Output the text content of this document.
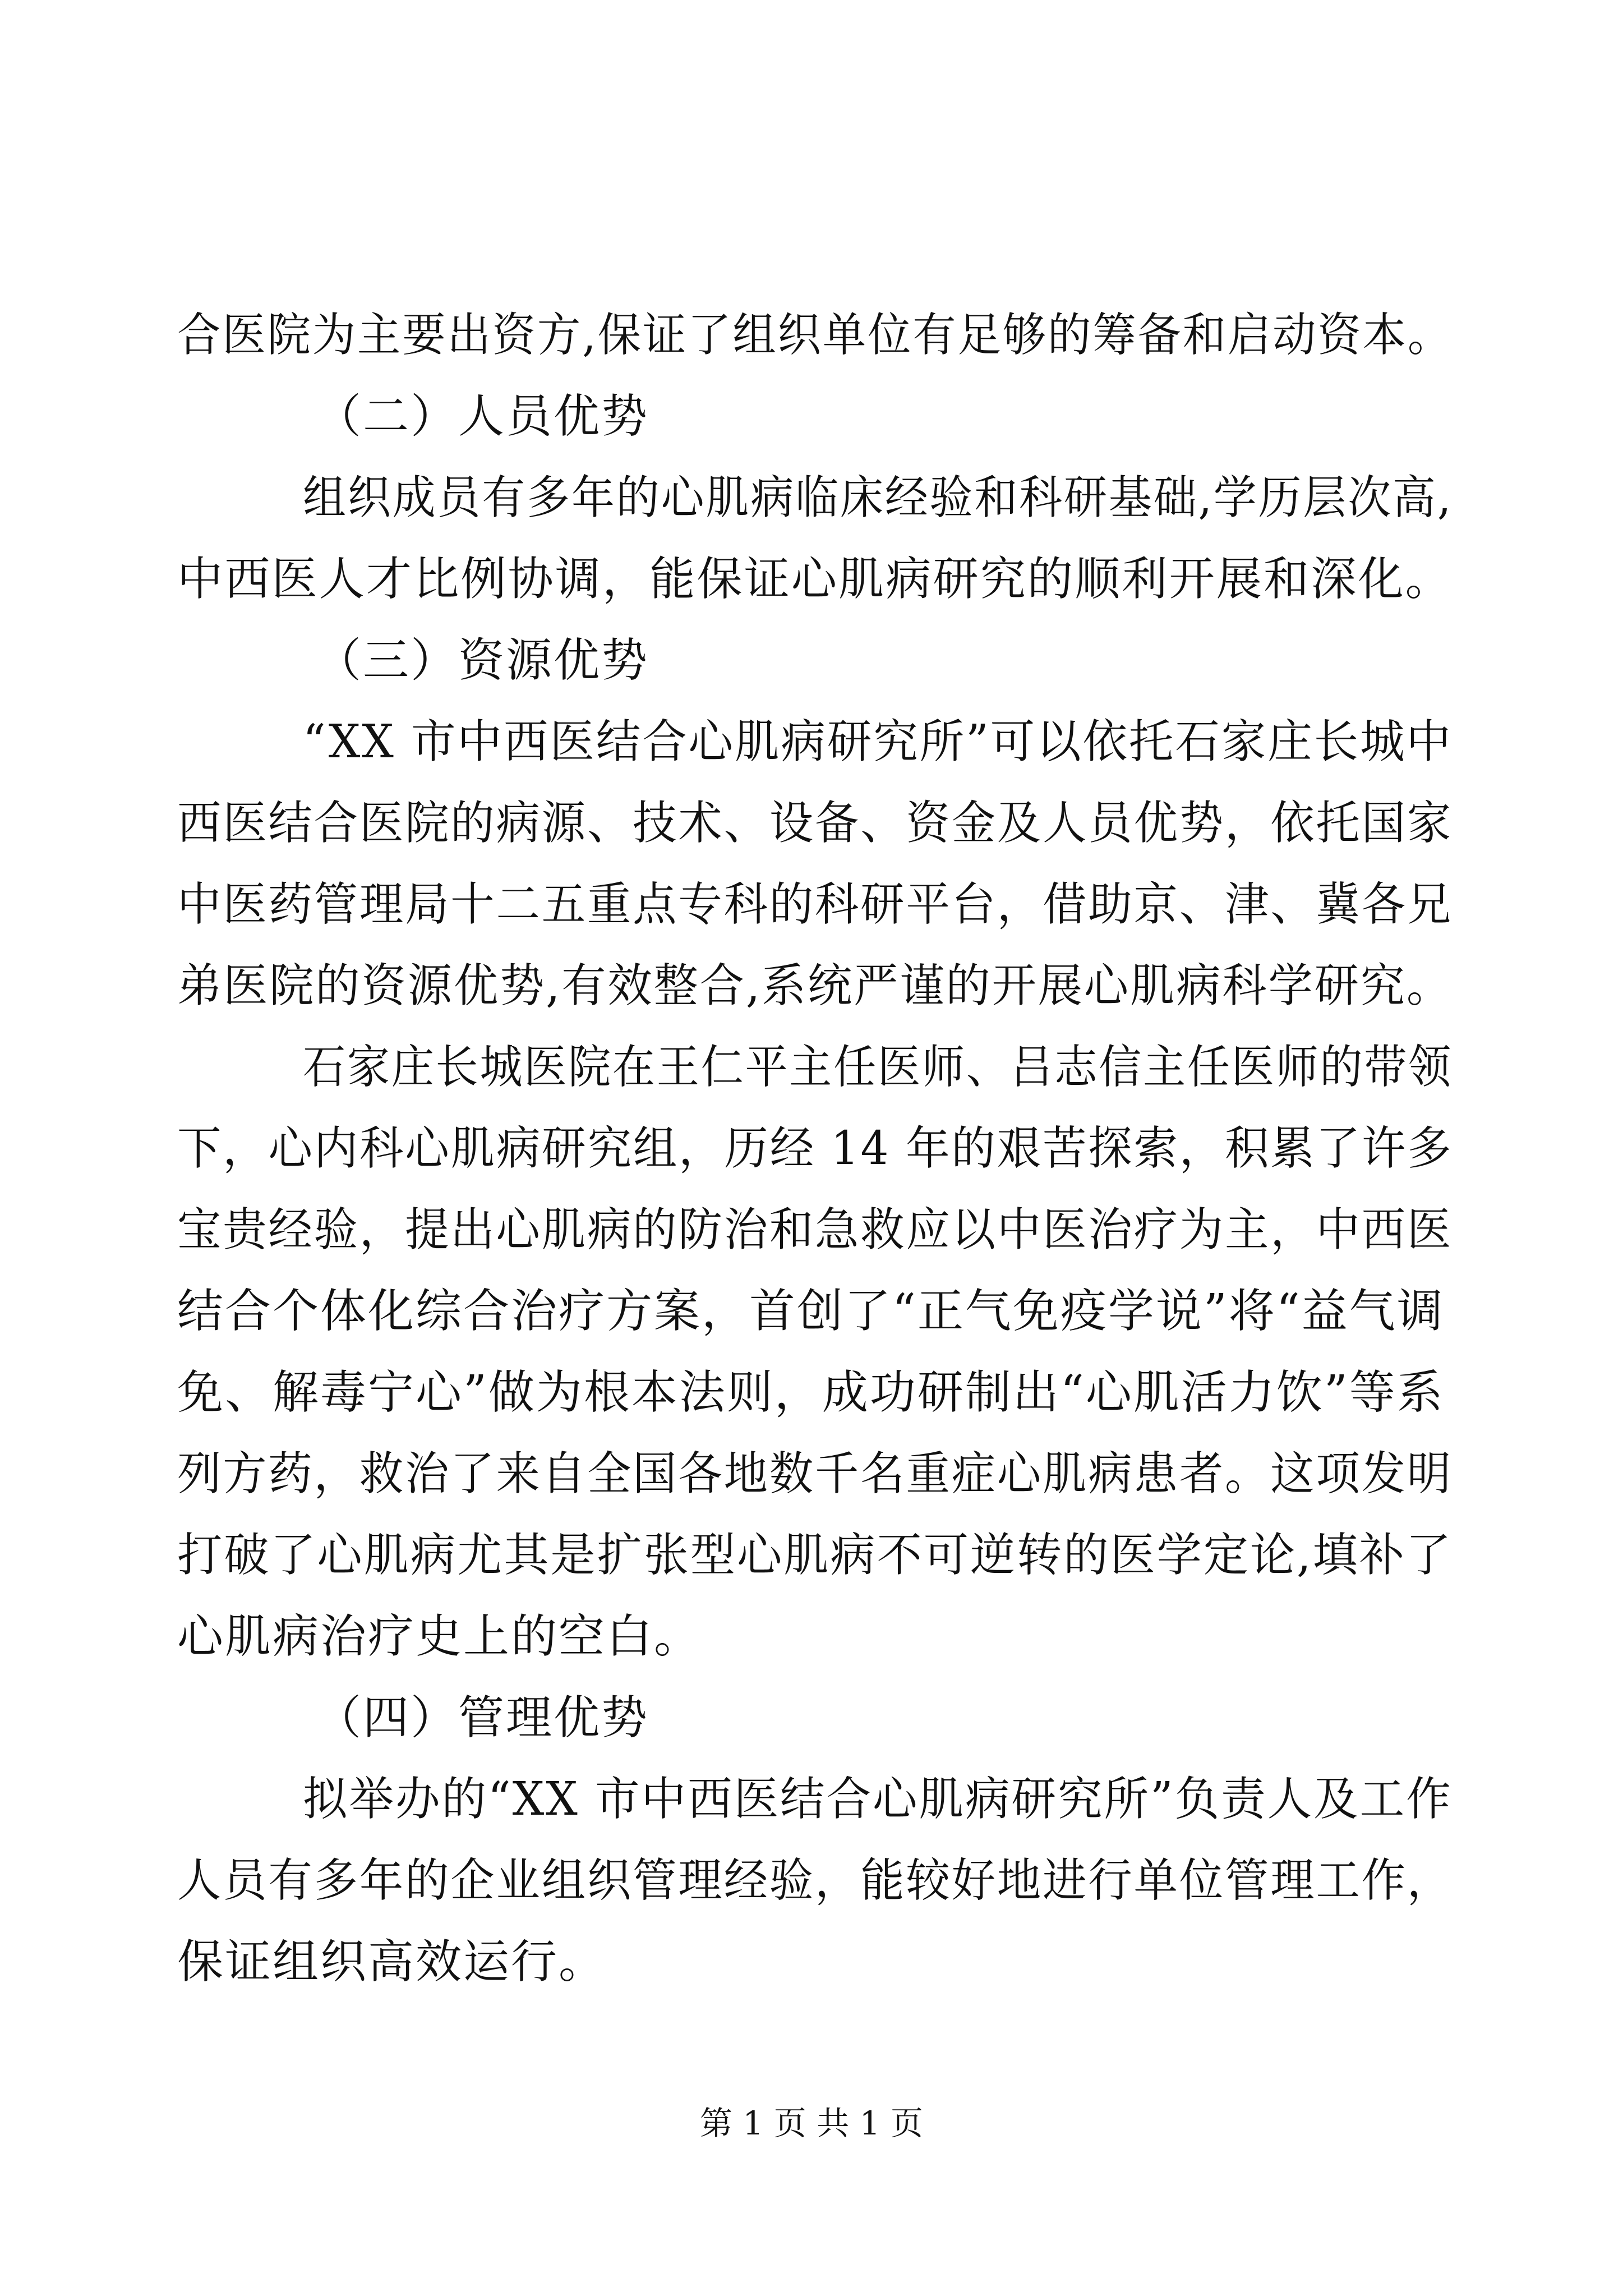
合医院为主要出资方,保证了组织单位有足够的筹备和启动资本。
（二）人员优势
组织成员有多年的心肌病临床经验和科研基础,学历层次高,
中西医人才比例协调，能保证心肌病研究的顺利开展和深化。
（三）资源优势
“XX 市中西医结合心肌病研究所”可以依托石家庄长城中
西医结合医院的病源、技术、设备、资金及人员优势，依托国家
中医药管理局十二五重点专科的科研平台，借助京、津、冀各兄
弟医院的资源优势,有效整合,系统严谨的开展心肌病科学研究。
石家庄长城医院在王仁平主任医师、吕志信主任医师的带领
下，心内科心肌病研究组，历经 14 年的艰苦探索，积累了许多
宝贵经验，提出心肌病的防治和急救应以中医治疗为主，中西医
结合个体化综合治疗方案，首创了“正气免疫学说”将“益气调
免、解毒宁心”做为根本法则，成功研制出“心肌活力饮”等系
列方药，救治了来自全国各地数千名重症心肌病患者。这项发明
打破了心肌病尤其是扩张型心肌病不可逆转的医学定论,填补了
心肌病治疗史上的空白。
（四）管理优势
拟举办的“XX 市中西医结合心肌病研究所”负责人及工作
人员有多年的企业组织管理经验，能较好地进行单位管理工作，
保证组织高效运行。
第 1 页 共 1 页
